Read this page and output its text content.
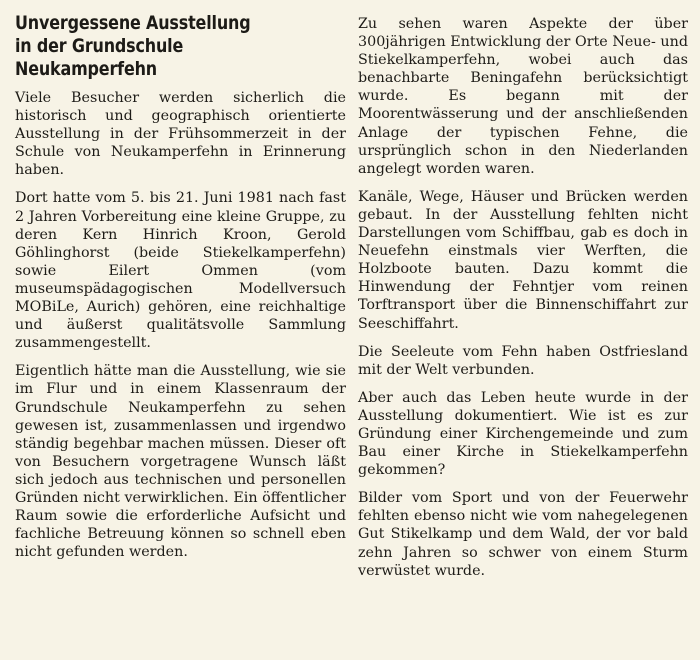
Unvergessene Ausstellung
in der Grundschule
Neukamperfehn

Viele Besucher werden sicherlich die historisch und geographisch orientierte Ausstellung in der Frühsommerzeit in der Schule von Neukamperfehn in Erinnerung haben.

Dort hatte vom 5. bis 21. Juni 1981 nach fast 2 Jahren Vorbereitung eine kleine Gruppe, zu deren Kern Hinrich Kroon, Gerold Göhlinghorst (beide Stiekelkamperfehn) sowie Eilert Ommen (vom museumspädagogischen Modellversuch MOBiLe, Aurich) gehören, eine reichhaltige und äußerst qualitätsvolle Sammlung zusammengestellt.

Eigentlich hätte man die Ausstellung, wie sie im Flur und in einem Klassenraum der Grundschule Neukamperfehn zu sehen gewesen ist, zusammenlassen und irgendwo ständig begehbar machen müssen. Dieser oft von Besuchern vorgetragene Wunsch läßt sich jedoch aus technischen und personellen Gründen nicht verwirklichen. Ein öffentlicher Raum sowie die erforderliche Aufsicht und fachliche Betreuung können so schnell eben nicht gefunden werden.

Zu sehen waren Aspekte der über 300jährigen Entwicklung der Orte Neue- und Stiekelkamperfehn, wobei auch das benachbarte Beningafehn berücksichtigt wurde. Es begann mit der Moorentwässerung und der anschließenden Anlage der typischen Fehne, die ursprünglich schon in den Niederlanden angelegt worden waren.

Kanäle, Wege, Häuser und Brücken werden gebaut. In der Ausstellung fehlten nicht Darstellungen vom Schiffbau, gab es doch in Neuefehn einstmals vier Werften, die Holzboote bauten. Dazu kommt die Hinwendung der Fehntjer vom reinen Torftransport über die Binnenschiffahrt zur Seeschiffahrt.

Die Seeleute vom Fehn haben Ostfriesland mit der Welt verbunden.

Aber auch das Leben heute wurde in der Ausstellung dokumentiert. Wie ist es zur Gründung einer Kirchengemeinde und zum Bau einer Kirche in Stiekelkamperfehn gekommen?

Bilder vom Sport und von der Feuerwehr fehlten ebenso nicht wie vom nahegelegenen Gut Stikelkamp und dem Wald, der vor bald zehn Jahren so schwer von einem Sturm verwüstet wurde.
